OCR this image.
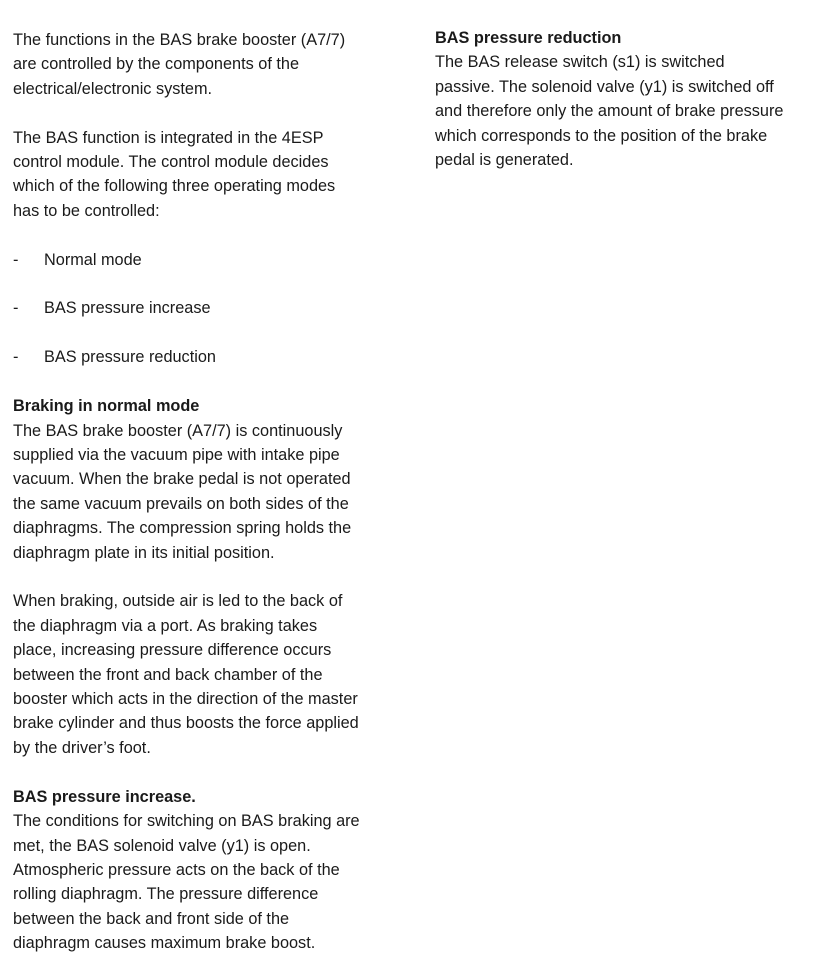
The functions in the BAS brake booster (A7/7)
are controlled by the components of the
electrical/electronic system.

The BAS function is integrated in the 4ESP
control module. The control module decides
which of the following three operating modes
has to be controlled:

- Normal mode
- BAS pressure increase
- BAS pressure reduction

Braking in normal mode

The BAS brake booster (A7/7) is continuously
supplied via the vacuum pipe with intake pipe
vacuum. When the brake pedal is not operated
the same vacuum prevails on both sides of the
diaphragms. The compression spring holds the
diaphragm plate in its initial position.

When braking, outside air is led to the back of
the diaphragm via a port. As braking takes
place, increasing pressure difference occurs
between the front and back chamber of the
booster which acts in the direction of the master
brake cylinder and thus boosts the force applied
by the driver’s foot.

BAS pressure increase.

The conditions for switching on BAS braking are
met, the BAS solenoid valve (y1) is open.
Atmospheric pressure acts on the back of the
rolling diaphragm. The pressure difference
between the back and front side of the
diaphragm causes maximum brake boost.

BAS pressure reduction

The BAS release switch (s1) is switched
passive. The solenoid valve (y1) is switched off
and therefore only the amount of brake pressure
which corresponds to the position of the brake
pedal is generated.
